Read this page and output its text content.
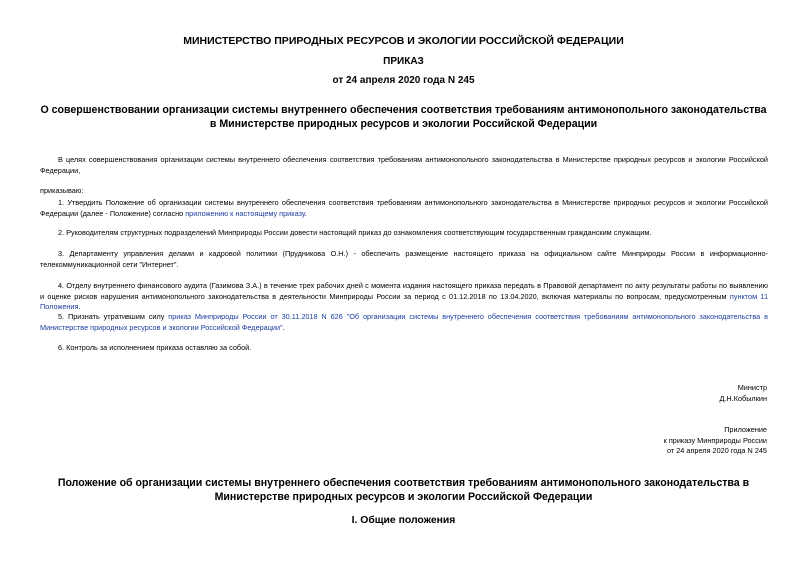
МИНИСТЕРСТВО ПРИРОДНЫХ РЕСУРСОВ И ЭКОЛОГИИ РОССИЙСКОЙ ФЕДЕРАЦИИ
ПРИКАЗ
от 24 апреля 2020 года N 245
О совершенствовании организации системы внутреннего обеспечения соответствия требованиям антимонопольного законодательства в Министерстве природных ресурсов и экологии Российской Федерации
В целях совершенствования организации системы внутреннего обеспечения соответствия требованиям антимонопольного законодательства в Министерстве природных ресурсов и экологии Российской Федерации,
приказываю:
1. Утвердить Положение об организации системы внутреннего обеспечения соответствия требованиям антимонопольного законодательства в Министерстве природных ресурсов и экологии Российской Федерации (далее - Положение) согласно приложению к настоящему приказу.
2. Руководителям структурных подразделений Минприроды России довести настоящий приказ до ознакомления соответствующим государственным гражданским служащим.
3. Департаменту управления делами и кадровой политики (Прудникова О.Н.) - обеспечить размещение настоящего приказа на официальном сайте Минприроды России в информационно-телекоммуникационной сети "Интернет".
4. Отделу внутреннего финансового аудита (Газимова З.А.) в течение трех рабочих дней с момента издания настоящего приказа передать в Правовой департамент по акту результаты работы по выявлению и оценке рисков нарушения антимонопольного законодательства в деятельности Минприроды России за период с 01.12.2018 по 13.04.2020, включая материалы по вопросам, предусмотренным пунктом 11 Положения.
5. Признать утратившим силу приказ Минприроды России от 30.11.2018 N 626 "Об организации системы внутреннего обеспечения соответствия требованиям антимонопольного законодательства в Министерстве природных ресурсов и экологии Российской Федерации".
6. Контроль за исполнением приказа оставляю за собой.
Министр
Д.Н.Кобылкин
Приложение
к приказу Минприроды России
от 24 апреля 2020 года N 245
Положение об организации системы внутреннего обеспечения соответствия требованиям антимонопольного законодательства в Министерстве природных ресурсов и экологии Российской Федерации
I. Общие положения
